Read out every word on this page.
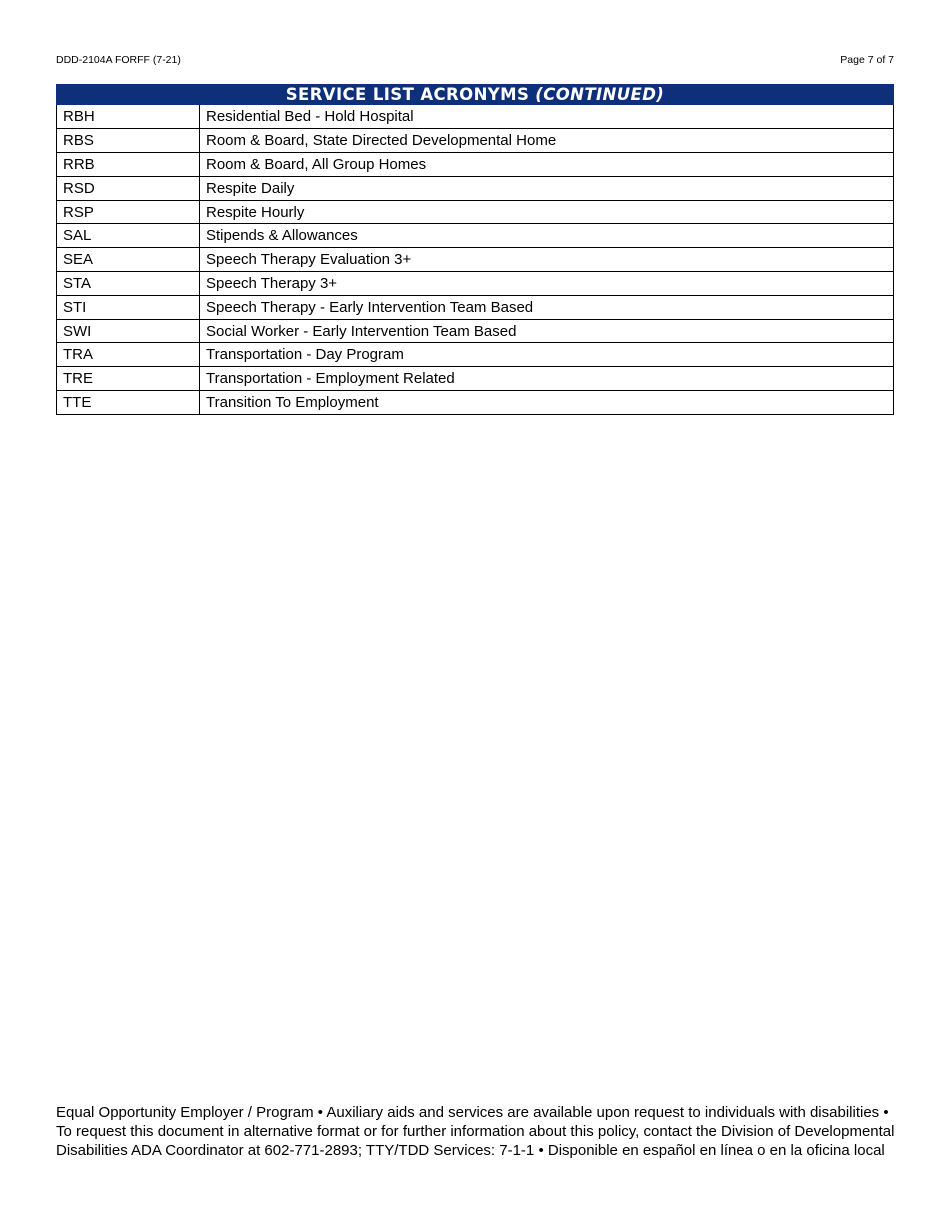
DDD-2104A FORFF (7-21)	Page 7 of 7
SERVICE LIST ACRONYMS (CONTINUED)
RBH	Residential Bed - Hold Hospital
RBS	Room & Board, State Directed Developmental Home
RRB	Room & Board, All Group Homes
RSD	Respite Daily
RSP	Respite Hourly
SAL	Stipends & Allowances
SEA	Speech Therapy Evaluation 3+
STA	Speech Therapy 3+
STI	Speech Therapy - Early Intervention Team Based
SWI	Social Worker - Early Intervention Team Based
TRA	Transportation - Day Program
TRE	Transportation - Employment Related
TTE	Transition To Employment
Equal Opportunity Employer / Program • Auxiliary aids and services are available upon request to individuals with disabilities • To request this document in alternative format or for further information about this policy, contact the Division of Developmental Disabilities ADA Coordinator at 602-771-2893; TTY/TDD Services: 7-1-1 • Disponible en español en línea o en la oficina local
